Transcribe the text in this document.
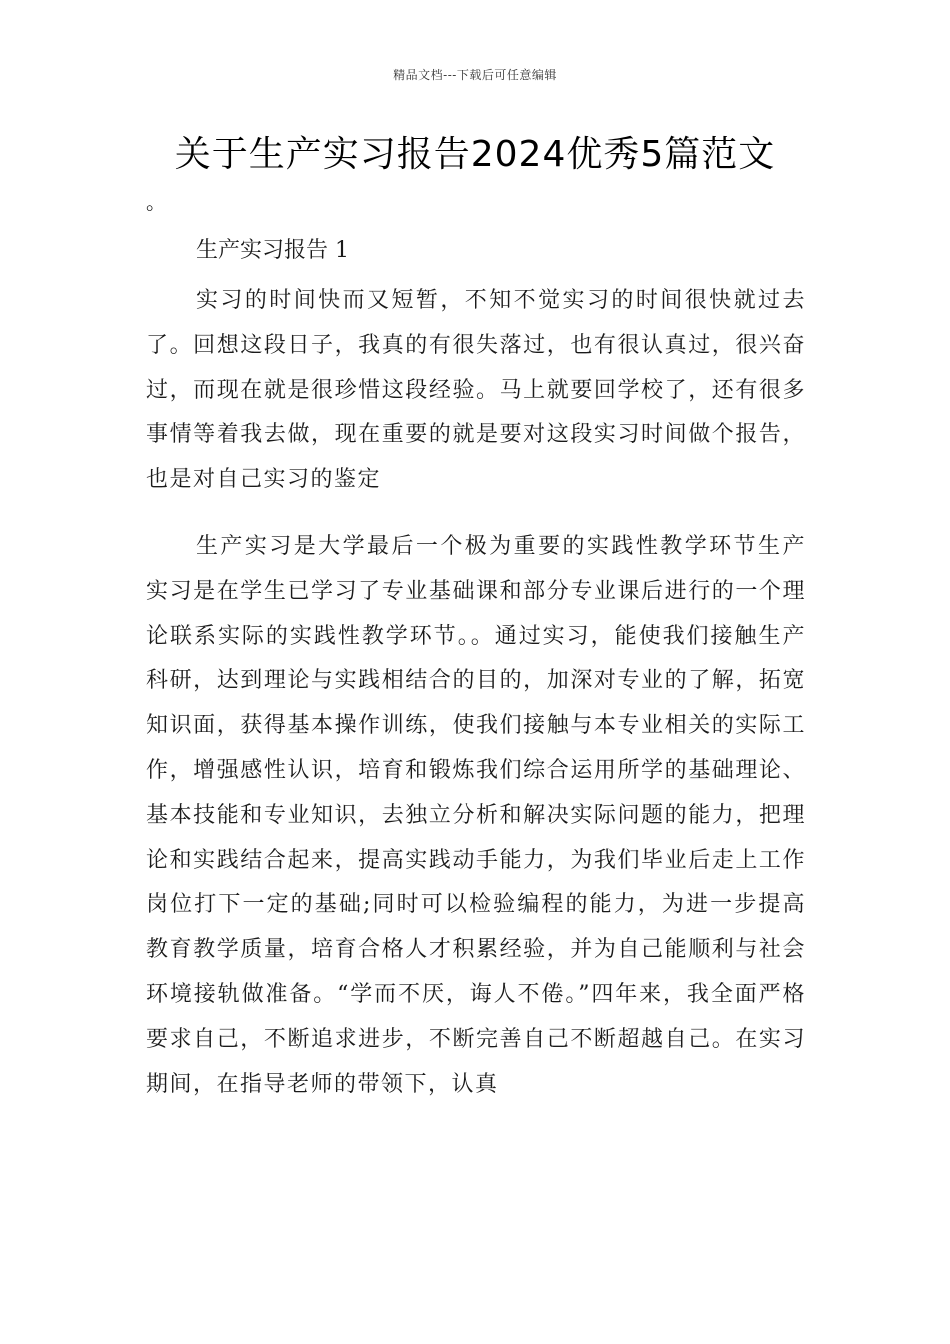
精品文档---下载后可任意编辑
关于生产实习报告2024优秀5篇范文
。
生产实习报告 1

实习的时间快而又短暂，不知不觉实习的时间很快就过去了。回想这段日子，我真的有很失落过，也有很认真过，很兴奋过，而现在就是很珍惜这段经验。马上就要回学校了，还有很多事情等着我去做，现在重要的就是要对这段实习时间做个报告，也是对自己实习的鉴定

生产实习是大学最后一个极为重要的实践性教学环节生产实习是在学生已学习了专业基础课和部分专业课后进行的一个理论联系实际的实践性教学环节。。通过实习，能使我们接触生产科研，达到理论与实践相结合的目的，加深对专业的了解，拓宽知识面，获得基本操作训练，使我们接触与本专业相关的实际工作，增强感性认识，培育和锻炼我们综合运用所学的基础理论、基本技能和专业知识，去独立分析和解决实际问题的能力，把理论和实践结合起来，提高实践动手能力，为我们毕业后走上工作岗位打下一定的基础;同时可以检验编程的能力，为进一步提高教育教学质量，培育合格人才积累经验，并为自己能顺利与社会环境接轨做准备。“学而不厌，诲人不倦。”四年来，我全面严格要求自己，不断追求进步，不断完善自己不断超越自己。在实习期间，在指导老师的带领下，认真
